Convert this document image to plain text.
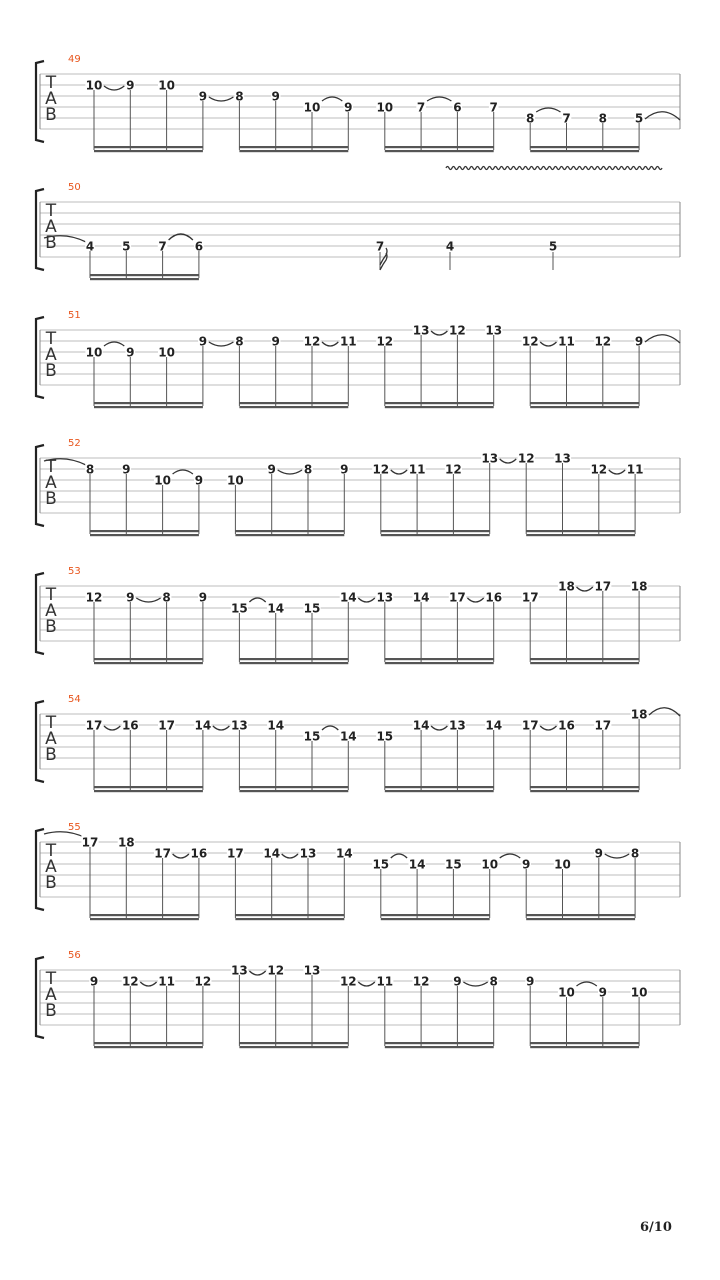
T
A
B
49
10 9 10
9 8 9
10 9 10 7 6 7
8 7 8 5
T
A
B
50
4 5 7 6	7	4	5
T
A
B
51
10 9 10
9 8 9 12 11 12
13 12 13
12 11 12 9
T
A
B
52
8 9
10 9 10
9 8 9 12 11 12
13 12 13
12 11
T
A
B
53
12 9 8 9
15 14 15
14 13 14 17 16 17
18 17 18
T
A
B
54
17 16 17 14 13 14
15 14 15
14 13 14 17 16 17
18
T
A
B
55
17 18
17 16 17 14 13 14
15 14 15 10 9 10
9 8
T
A
B
56
9 12 11 12
13 12 13
12 11 12 9 8 9
10 9 10
6/10
